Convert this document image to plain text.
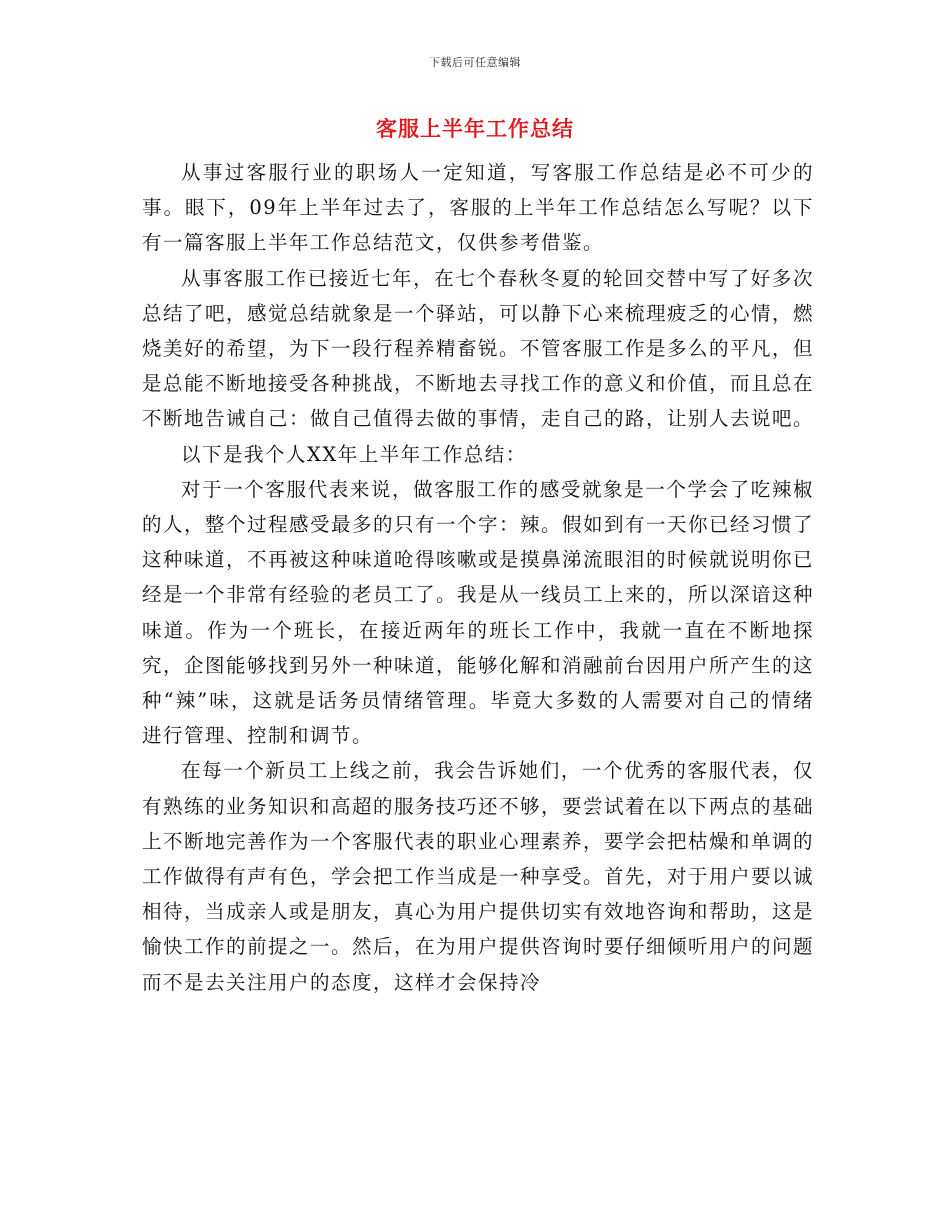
下载后可任意编辑
客服上半年工作总结

从事过客服行业的职场人一定知道，写客服工作总结是必不可少的事。眼下，09年上半年过去了，客服的上半年工作总结怎么写呢？以下有一篇客服上半年工作总结范文，仅供参考借鉴。

从事客服工作已接近七年，在七个春秋冬夏的轮回交替中写了好多次总结了吧，感觉总结就象是一个驿站，可以静下心来梳理疲乏的心情，燃烧美好的希望，为下一段行程养精畜锐。不管客服工作是多么的平凡，但是总能不断地接受各种挑战，不断地去寻找工作的意义和价值，而且总在不断地告诫自己：做自己值得去做的事情，走自己的路，让别人去说吧。

以下是我个人XX年上半年工作总结：

对于一个客服代表来说，做客服工作的感受就象是一个学会了吃辣椒的人，整个过程感受最多的只有一个字：辣。假如到有一天你已经习惯了这种味道，不再被这种味道呛得咳嗽或是摸鼻涕流眼泪的时候就说明你已经是一个非常有经验的老员工了。我是从一线员工上来的，所以深谙这种味道。作为一个班长，在接近两年的班长工作中，我就一直在不断地探究，企图能够找到另外一种味道，能够化解和消融前台因用户所产生的这种“辣”味，这就是话务员情绪管理。毕竟大多数的人需要对自己的情绪进行管理、控制和调节。

在每一个新员工上线之前，我会告诉她们，一个优秀的客服代表，仅有熟练的业务知识和高超的服务技巧还不够，要尝试着在以下两点的基础上不断地完善作为一个客服代表的职业心理素养，要学会把枯燥和单调的工作做得有声有色，学会把工作当成是一种享受。首先，对于用户要以诚相待，当成亲人或是朋友，真心为用户提供切实有效地咨询和帮助，这是愉快工作的前提之一。然后，在为用户提供咨询时要仔细倾听用户的问题而不是去关注用户的态度，这样才会保持冷
